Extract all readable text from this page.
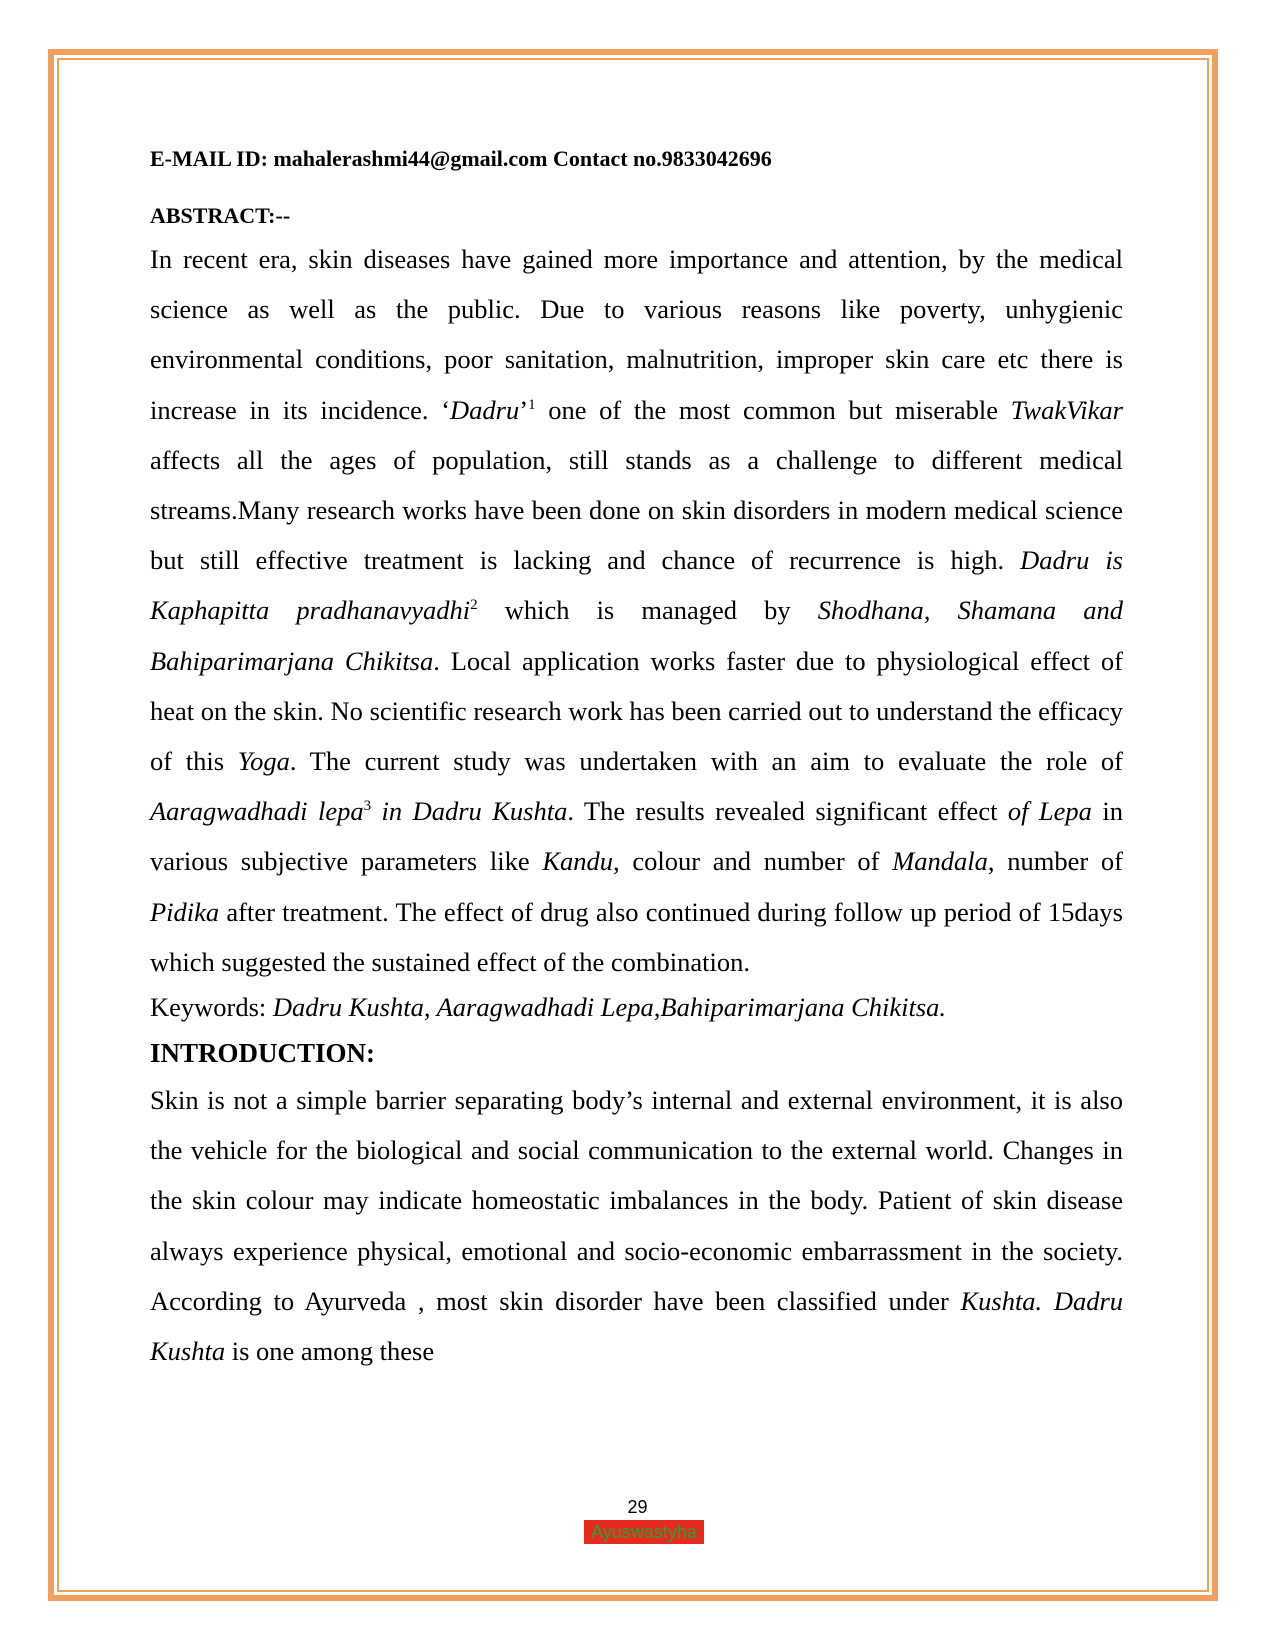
E-MAIL ID: mahalerashmi44@gmail.com Contact no.9833042696

ABSTRACT:--

In recent era, skin diseases have gained more importance and attention, by the medical science as well as the public. Due to various reasons like poverty, unhygienic environmental conditions, poor sanitation, malnutrition, improper skin care etc there is increase in its incidence. ‘Dadru’$^1$ one of the most common but miserable TwakVikar affects all the ages of population, still stands as a challenge to different medical streams.Many research works have been done on skin disorders in modern medical science but still effective treatment is lacking and chance of recurrence is high. Dadru is Kaphapitta pradhanavyadhi$^2$ which is managed by Shodhana, Shamana and Bahiparimarjana Chikitsa. Local application works faster due to physiological effect of heat on the skin. No scientific research work has been carried out to understand the efficacy of this Yoga. The current study was undertaken with an aim to evaluate the role of Aaragwadhadi lepa$^3$ in Dadru Kushta. The results revealed significant effect of Lepa in various subjective parameters like Kandu, colour and number of Mandala, number of Pidika after treatment. The effect of drug also continued during follow up period of 15days which suggested the sustained effect of the combination.

Keywords: Dadru Kushta, Aaragwadhadi Lepa,Bahiparimarjana Chikitsa.

INTRODUCTION:

Skin is not a simple barrier separating body’s internal and external environment, it is also the vehicle for the biological and social communication to the external world. Changes in the skin colour may indicate homeostatic imbalances in the body. Patient of skin disease always experience physical, emotional and socio-economic embarrassment in the society. According to Ayurveda , most skin disorder have been classified under Kushta. Dadru Kushta is one among these

29
Ayuswastyha
